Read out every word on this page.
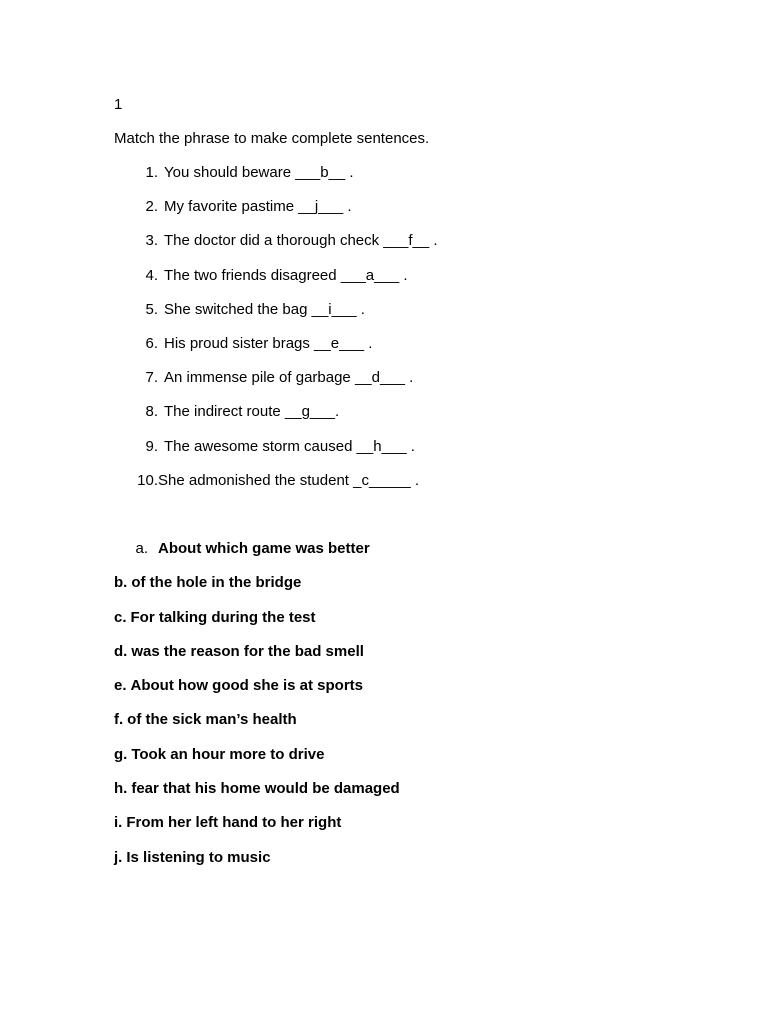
1
Match the phrase to make complete sentences.
1. You should beware ___b__ .
2. My favorite pastime __j___ .
3. The doctor did a thorough check ___f__ .
4. The two friends disagreed ___a___ .
5. She switched the bag __i___ .
6. His proud sister brags __e___ .
7. An immense pile of garbage __d___ .
8. The indirect route __g___.
9. The awesome storm caused __h___ .
10. She admonished the student _c_____ .
a. About which game was better
b. of the hole in the bridge
c. For talking during the test
d. was the reason for the bad smell
e. About how good she is at sports
f. of the sick man’s health
g. Took an hour more to drive
h. fear that his home would be damaged
i. From her left hand to her right
j. Is listening to music
